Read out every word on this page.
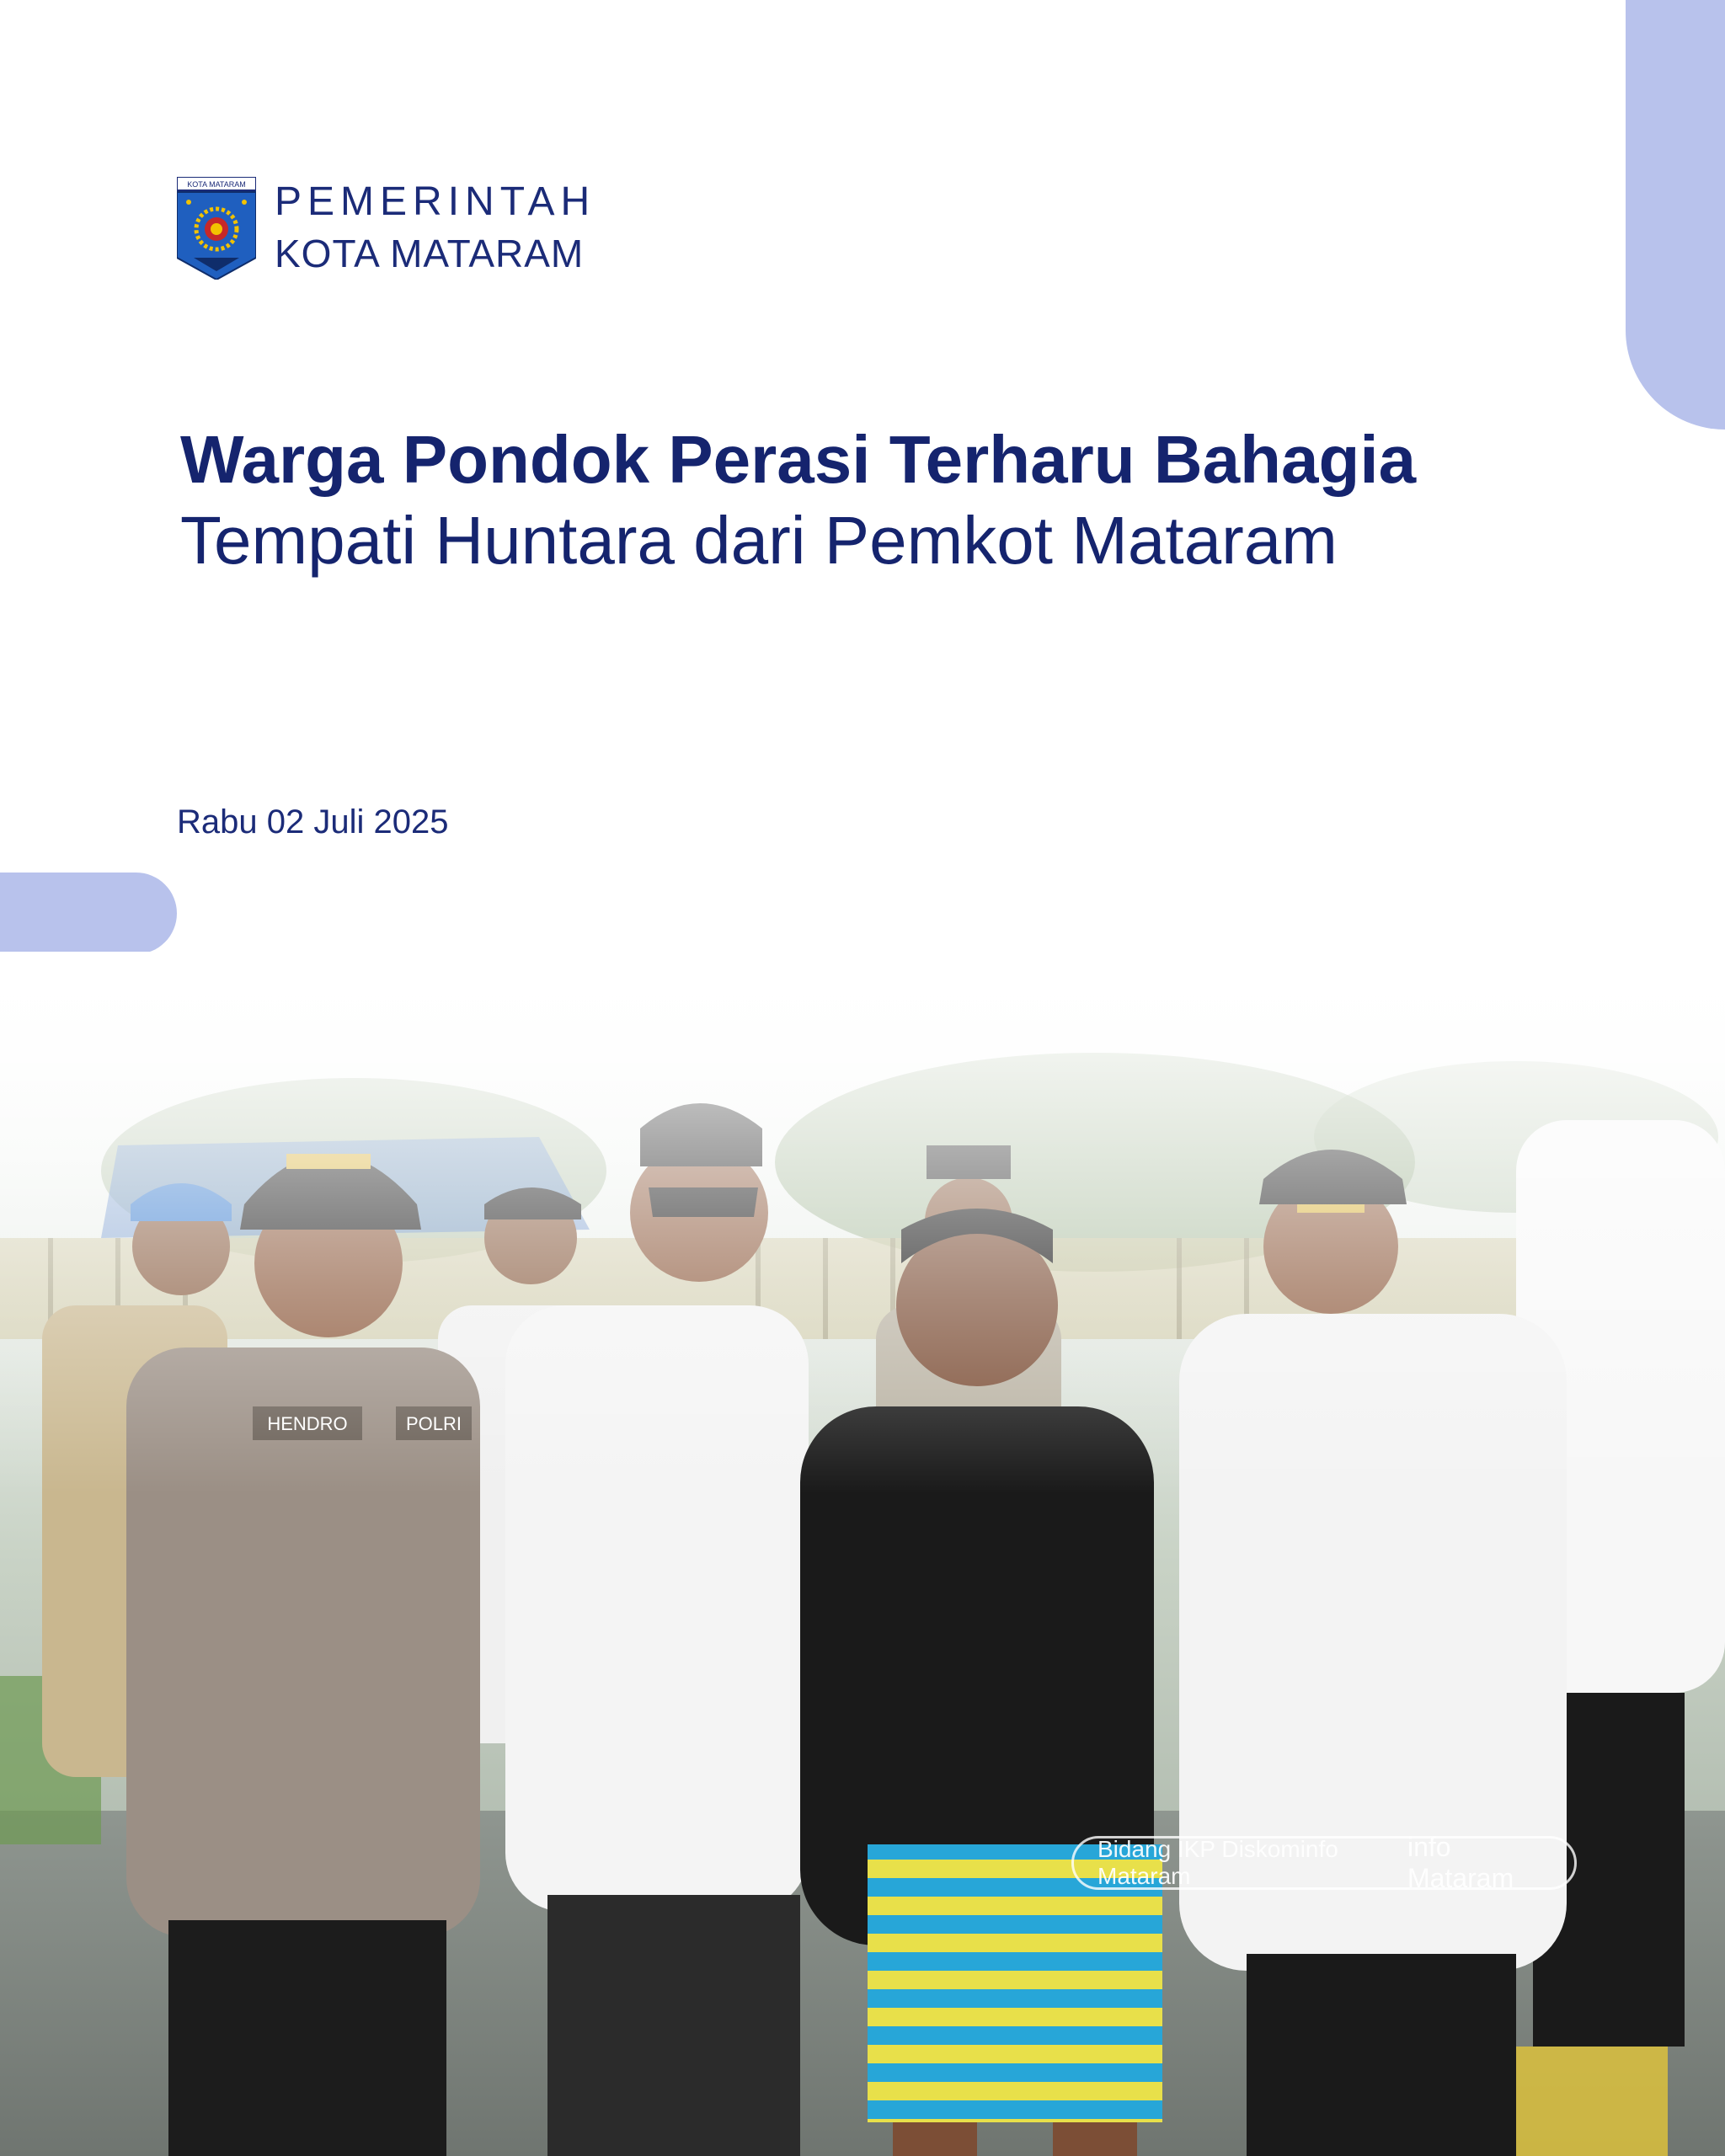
KOTA MATARAM PEMERINTAH
KOTA MATARAM
Warga Pondok Perasi Terharu Bahagia
Tempati Huntara dari Pemkot Mataram
Rabu 02 Juli 2025
Bidang IKP Diskominfo Mataram
info Mataram
